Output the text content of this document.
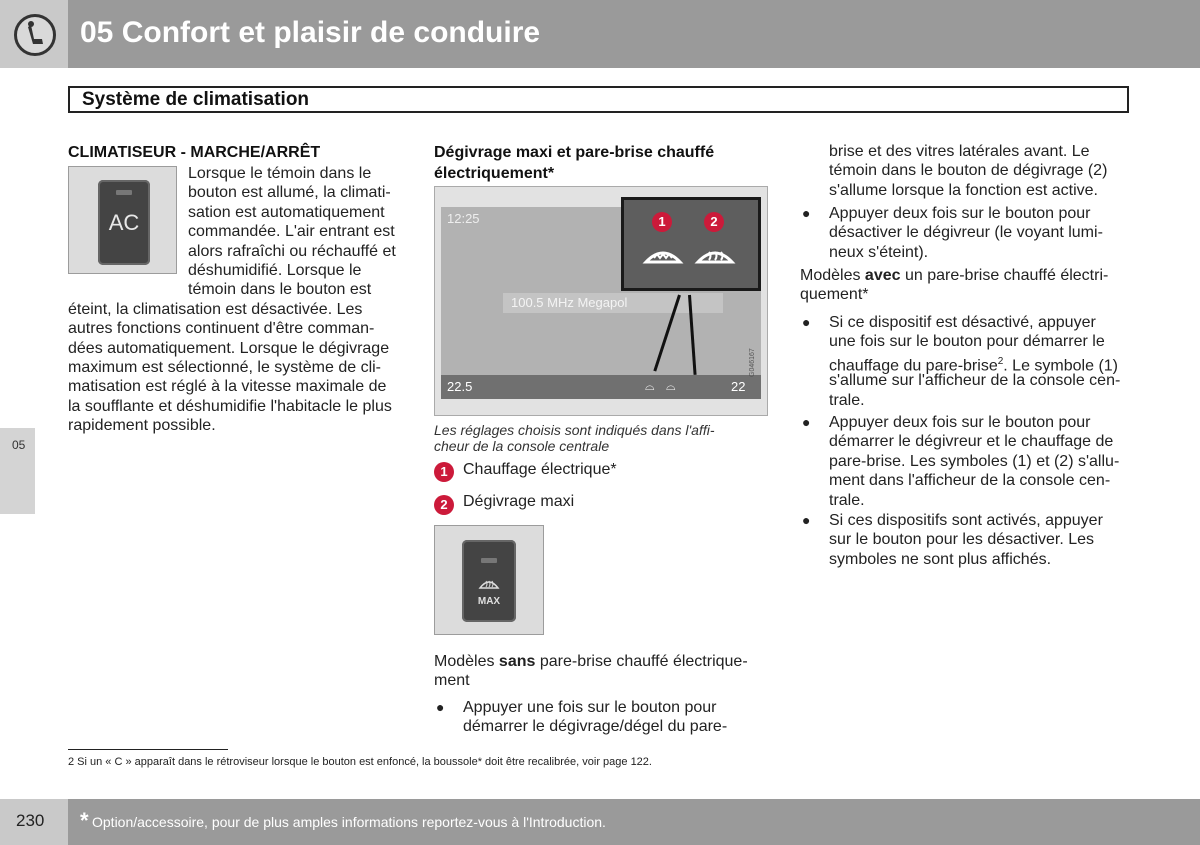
05 Confort et plaisir de conduire
Système de climatisation
05
CLIMATISEUR - MARCHE/ARRÊT
AC
Lorsque le témoin dans le
bouton est allumé, la climati-
sation est automatiquement
commandée. L'air entrant est
alors rafraîchi ou réchauffé et
déshumidifié. Lorsque le
témoin dans le bouton est
éteint, la climatisation est désactivée. Les
autres fonctions continuent d'être comman-
dées automatiquement. Lorsque le dégivrage
maximum est sélectionné, le système de cli-
matisation est réglé à la vitesse maximale de
la soufflante et déshumidifie l'habitacle le plus
rapidement possible.
Dégivrage maxi et pare-brise chauffé
électriquement*
12:25
100.5 MHz Megapol
22.5	⌓ ⌓	22
1	2
G046167
Les réglages choisis sont indiqués dans l'affi-
cheur de la console centrale
1 Chauffage électrique*
2 Dégivrage maxi
MAX
Modèles sans pare-brise chauffé électrique-
ment
● Appuyer une fois sur le bouton pour
démarrer le dégivrage/dégel du pare-
brise et des vitres latérales avant. Le
témoin dans le bouton de dégivrage (2)
s'allume lorsque la fonction est active.
● Appuyer deux fois sur le bouton pour
désactiver le dégivreur (le voyant lumi-
neux s'éteint).
Modèles avec un pare-brise chauffé électri-
quement*
● Si ce dispositif est désactivé, appuyer
une fois sur le bouton pour démarrer le
chauffage du pare-brise$^2$. Le symbole (1)
s'allume sur l'afficheur de la console cen-
trale.
● Appuyer deux fois sur le bouton pour
démarrer le dégivreur et le chauffage de
pare-brise. Les symboles (1) et (2) s'allu-
ment dans l'afficheur de la console cen-
trale.
● Si ces dispositifs sont activés, appuyer
sur le bouton pour les désactiver. Les
symboles ne sont plus affichés.
2 Si un « C » apparaît dans le rétroviseur lorsque le bouton est enfoncé, la boussole* doit être recalibrée, voir page 122.
230 * Option/accessoire, pour de plus amples informations reportez-vous à l'Introduction.
